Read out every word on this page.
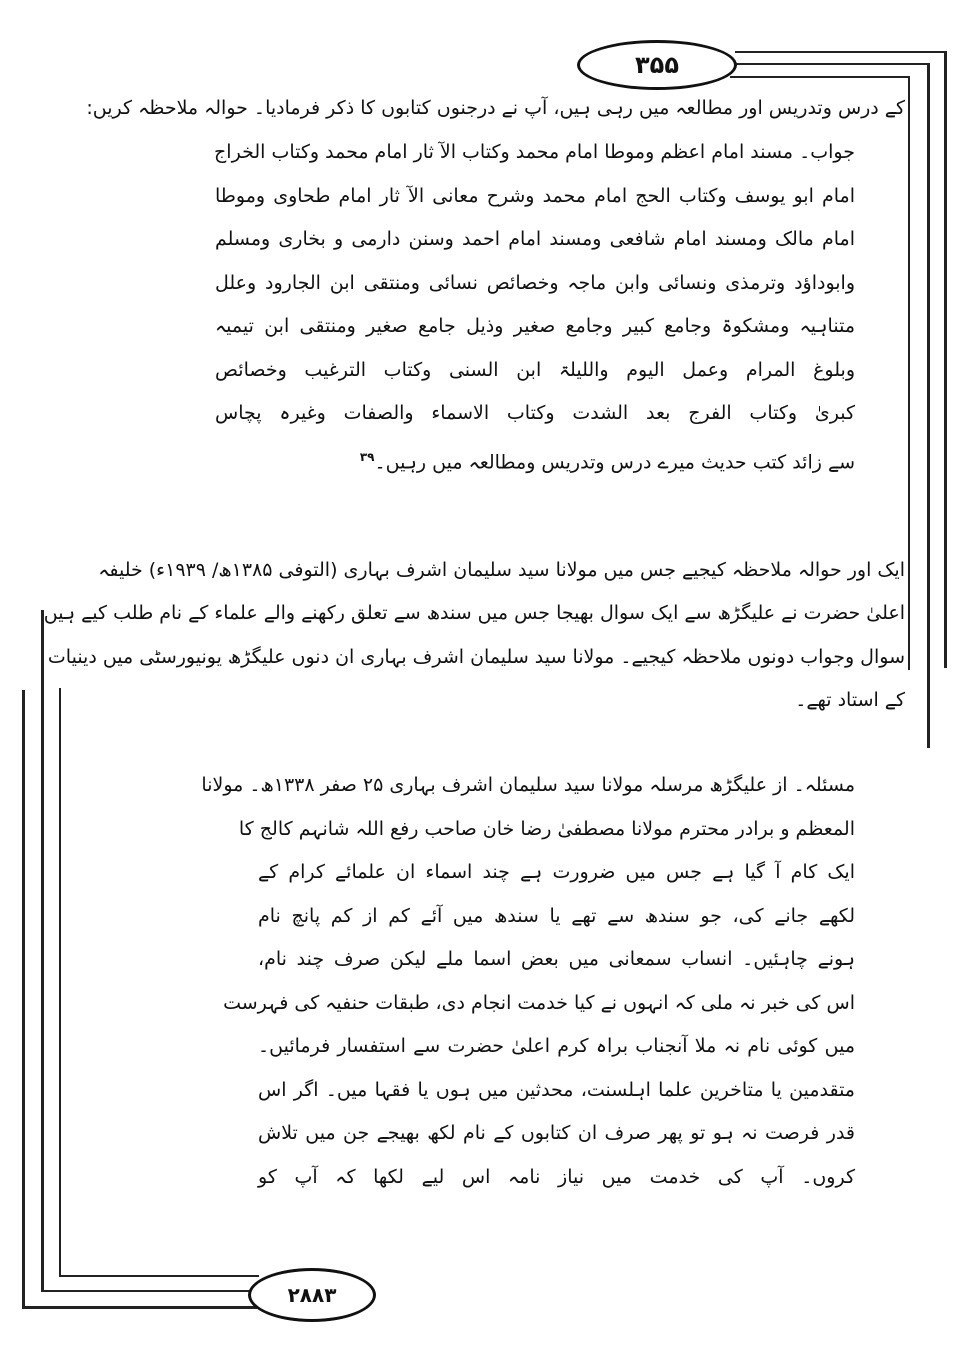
۳۵۵
۲۸۸۳
کے درس وتدریس اور مطالعہ میں رہی ہیں، آپ نے درجنوں کتابوں کا ذکر فرمادیا۔ حوالہ ملاحظہ کریں:
جواب۔ مسند امام اعظم وموطا امام محمد وکتاب الآ ثار امام محمد وکتاب الخراج
امام ابو یوسف وکتاب الحج امام محمد وشرح معانی الآ ثار امام طحاوی وموطا
امام مالک ومسند امام شافعی ومسند امام احمد وسنن دارمی و بخاری ومسلم
وابوداؤد وترمذی ونسائی وابن ماجہ وخصائص نسائی ومنتقی ابن الجارود وعلل
متناہیہ ومشکوۃ وجامع کبیر وجامع صغیر وذیل جامع صغیر ومنتقی ابن تیمیہ
وبلوغ المرام وعمل الیوم واللیلۃ ابن السنی وکتاب الترغیب وخصائص
کبریٰ وکتاب الفرج بعد الشدت وکتاب الاسماء والصفات وغیرہ پچاس
سے زائد کتب حدیث میرے درس وتدریس ومطالعہ میں رہیں۔$^{۳۹}$
ایک اور حوالہ ملاحظہ کیجیے جس میں مولانا سید سلیمان اشرف بہاری (التوفی ۱۳۸۵ھ/ ۱۹۳۹ء) خلیفہ
اعلیٰ حضرت نے علیگڑھ سے ایک سوال بھیجا جس میں سندھ سے تعلق رکھنے والے علماء کے نام طلب کیے ہیں
سوال وجواب دونوں ملاحظہ کیجیے۔ مولانا سید سلیمان اشرف بہاری ان دنوں علیگڑھ یونیورسٹی میں دینیات
کے استاد تھے۔
مسئلہ۔ از علیگڑھ مرسلہ مولانا سید سلیمان اشرف بہاری ۲۵ صفر ۱۳۳۸ھ۔ مولانا
المعظم و برادر محترم مولانا مصطفیٰ رضا خان صاحب رفع اللہ شانہم کالج کا
ایک کام آ گیا ہے جس میں ضرورت ہے چند اسماء ان علمائے کرام کے
لکھے جانے کی، جو سندھ سے تھے یا سندھ میں آئے کم از کم پانچ نام
ہونے چاہئیں۔ انساب سمعانی میں بعض اسما ملے لیکن صرف چند نام،
اس کی خبر نہ ملی کہ انہوں نے کیا خدمت انجام دی، طبقات حنفیہ کی فہرست
میں کوئی نام نہ ملا آنجناب براہ کرم اعلیٰ حضرت سے استفسار فرمائیں۔
متقدمین یا متاخرین علما اہلسنت، محدثین میں ہوں یا فقہا میں۔ اگر اس
قدر فرصت نہ ہو تو پھر صرف ان کتابوں کے نام لکھ بھیجے جن میں تلاش
کروں۔ آپ کی خدمت میں نیاز نامہ اس لیے لکھا کہ آپ کو
